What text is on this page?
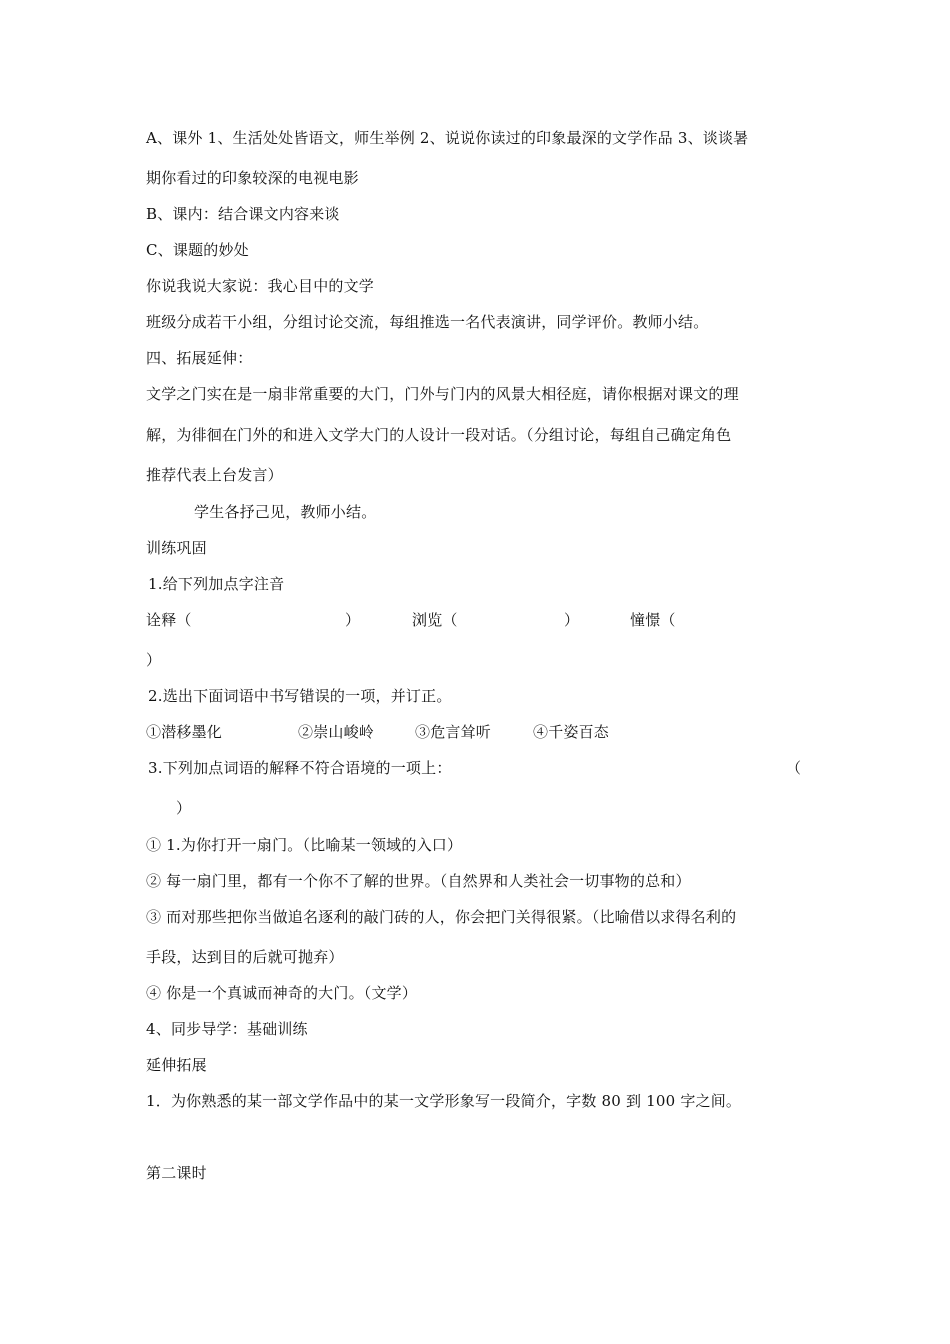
A、课外 1、生活处处皆语文，师生举例 2、说说你读过的印象最深的文学作品 3、谈谈暑
期你看过的印象较深的电视电影
B、课内：结合课文内容来谈
C、课题的妙处
你说我说大家说：我心目中的文学
班级分成若干小组，分组讨论交流，每组推选一名代表演讲，同学评价。教师小结。
四、拓展延伸：
文学之门实在是一扇非常重要的大门，门外与门内的风景大相径庭，请你根据对课文的理
解，为徘徊在门外的和进入文学大门的人设计一段对话。（分组讨论，每组自己确定角色
推荐代表上台发言）
学生各抒己见，教师小结。
训练巩固
1.给下列加点字注音
诠释（	）	浏览（	）	憧憬（
）
2.选出下面词语中书写错误的一项，并订正。
①潜移墨化	②崇山峻岭	③危言耸听	④千姿百态
3.下列加点词语的解释不符合语境的一项上：	（
）
① 1.为你打开一扇门。（比喻某一领域的入口）
② 每一扇门里，都有一个你不了解的世界。（自然界和人类社会一切事物的总和）
③ 而对那些把你当做追名逐利的敲门砖的人，你会把门关得很紧。（比喻借以求得名利的
手段，达到目的后就可抛弃）
④ 你是一个真诚而神奇的大门。（文学）
4、同步导学：基础训练
延伸拓展
1．为你熟悉的某一部文学作品中的某一文学形象写一段简介，字数 80 到 100 字之间。
第二课时
